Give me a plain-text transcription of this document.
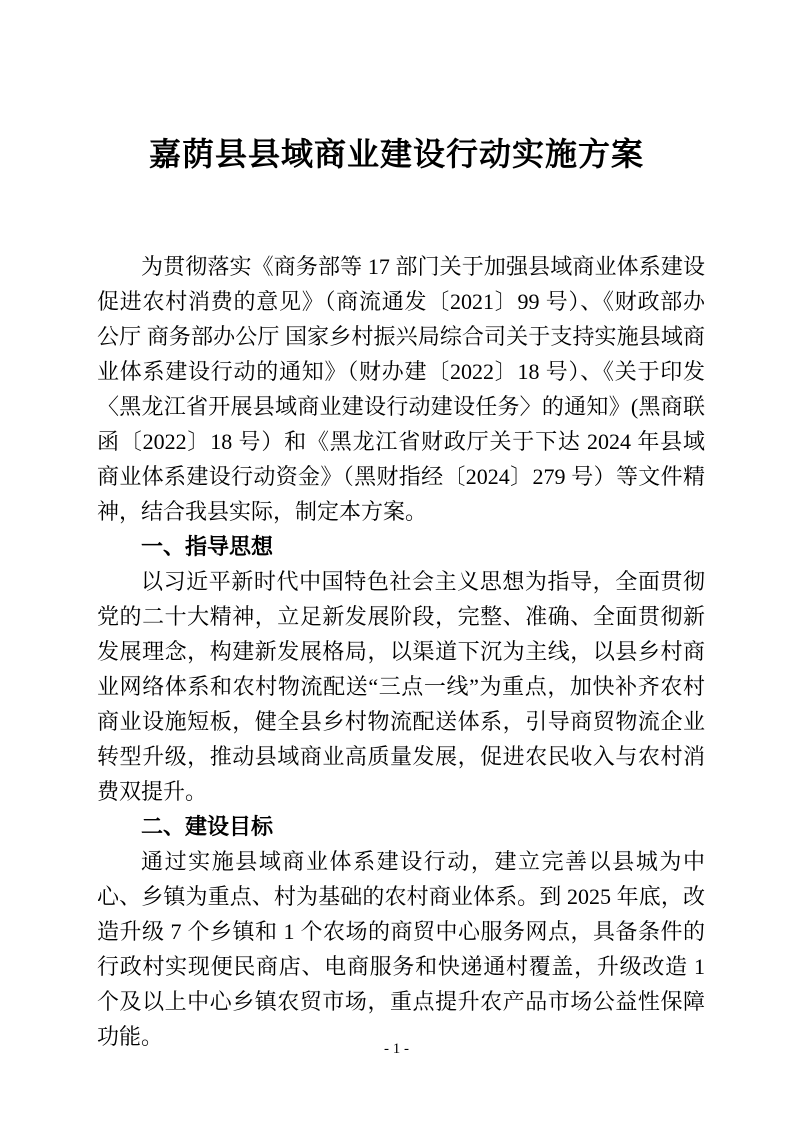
嘉荫县县域商业建设行动实施方案

为贯彻落实《商务部等 17 部门关于加强县域商业体系建设促进农村消费的意见》（商流通发〔2021〕99 号）、《财政部办公厅 商务部办公厅 国家乡村振兴局综合司关于支持实施县域商业体系建设行动的通知》（财办建〔2022〕18 号）、《关于印发〈黑龙江省开展县域商业建设行动建设任务〉的通知》(黑商联函〔2022〕18 号）和《黑龙江省财政厅关于下达 2024 年县域商业体系建设行动资金》（黑财指经〔2024〕279 号）等文件精神，结合我县实际，制定本方案。

一、指导思想

以习近平新时代中国特色社会主义思想为指导，全面贯彻党的二十大精神，立足新发展阶段，完整、准确、全面贯彻新发展理念，构建新发展格局，以渠道下沉为主线，以县乡村商业网络体系和农村物流配送“三点一线”为重点，加快补齐农村商业设施短板，健全县乡村物流配送体系，引导商贸物流企业转型升级，推动县域商业高质量发展，促进农民收入与农村消费双提升。

二、建设目标

通过实施县域商业体系建设行动，建立完善以县城为中心、乡镇为重点、村为基础的农村商业体系。到 2025 年底，改造升级 7 个乡镇和 1 个农场的商贸中心服务网点，具备条件的行政村实现便民商店、电商服务和快递通村覆盖，升级改造 1 个及以上中心乡镇农贸市场，重点提升农产品市场公益性保障功能。	- 1 -
